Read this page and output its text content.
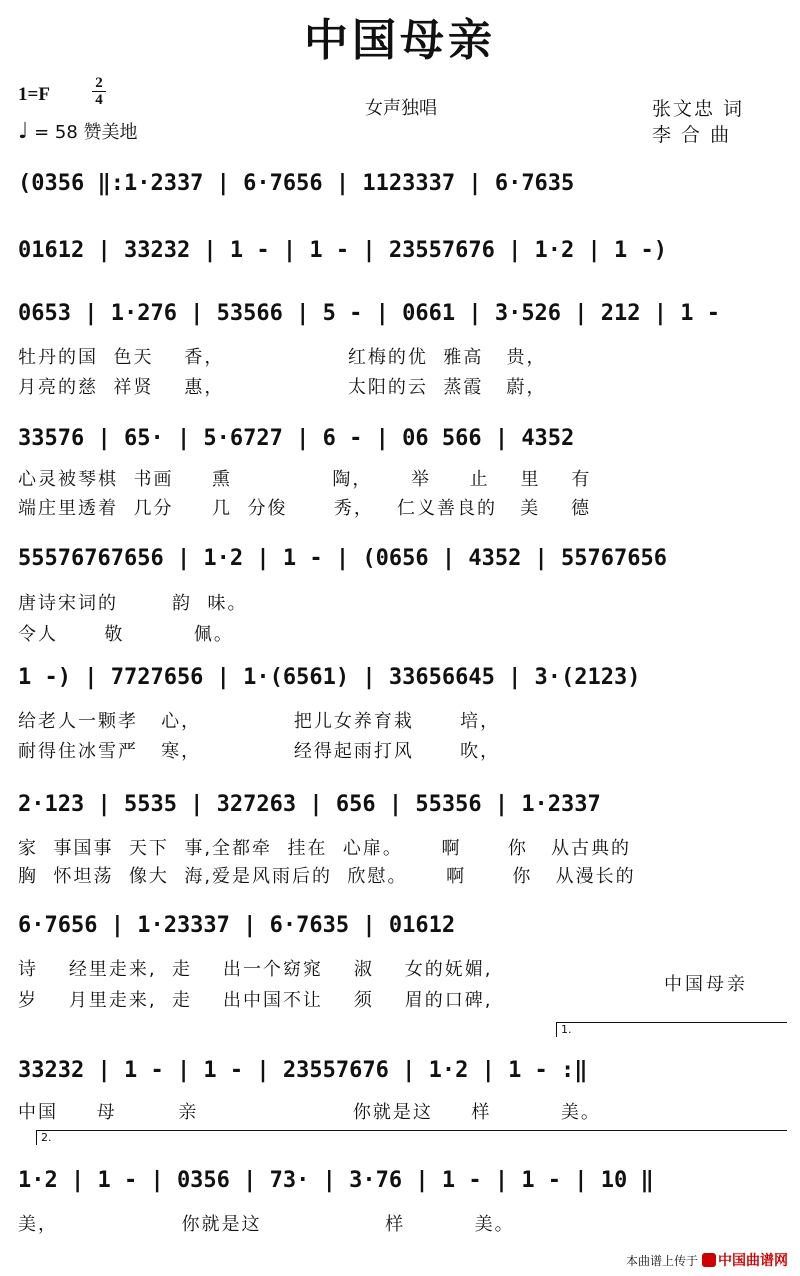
中国母亲
1=F
2
4
♩ = 58 赞美地
女声独唱	张文忠 词
李 合 曲
(0356 ‖:1·2337 | 6·7656 | 1123337 | 6·7635
01612 | 33232 | 1 - | 1 - | 23557676 | 1·2 | 1 -)
0653 | 1·276 | 53566 | 5 - | 0661 | 3·526 | 212 | 1 -
牡丹的国  色天    香，                红梅的优  雅高   贵，
月亮的慈  祥贤    惠，                太阳的云  蒸霞   蔚，
33576 | 65· | 5·6727 | 6 - | 06 566 | 4352
心灵被琴棋  书画     熏             陶，     举     止    里    有
端庄里透着  几分     几  分俊      秀，   仁义善良的   美    德
55576767656 | 1·2 | 1 - | (0656 | 4352 | 55767656
唐诗宋词的       韵  味。
令人      敬         佩。
1 -) | 7727656 | 1·(6561) | 33656645 | 3·(2123)
给老人一颗孝   心，            把儿女养育栽      培，
耐得住冰雪严   寒，            经得起雨打风      吹，
2·123 | 5535 | 327263 | 656 | 55356 | 1·2337
家  事国事  天下  事,全都牵  挂在  心扉。     啊      你   从古典的
胸  怀坦荡  像大  海,爱是风雨后的  欣慰。     啊      你   从漫长的
6·7656 | 1·23337 | 6·7635 | 01612
诗    经里走来,  走    出一个窈窕    淑    女的妩媚,
岁    月里走来,  走    出中国不让    须    眉的口碑,
中国母亲
1.
33232 | 1 - | 1 - | 23557676 | 1·2 | 1 - :‖
中国     母        亲                    你就是这     样         美。
2.
1·2 | 1 - | 0356 | 73· | 3·76 | 1 - | 1 - | 10 ‖
美，                你就是这                样         美。
本曲谱上传于 中国曲谱网
